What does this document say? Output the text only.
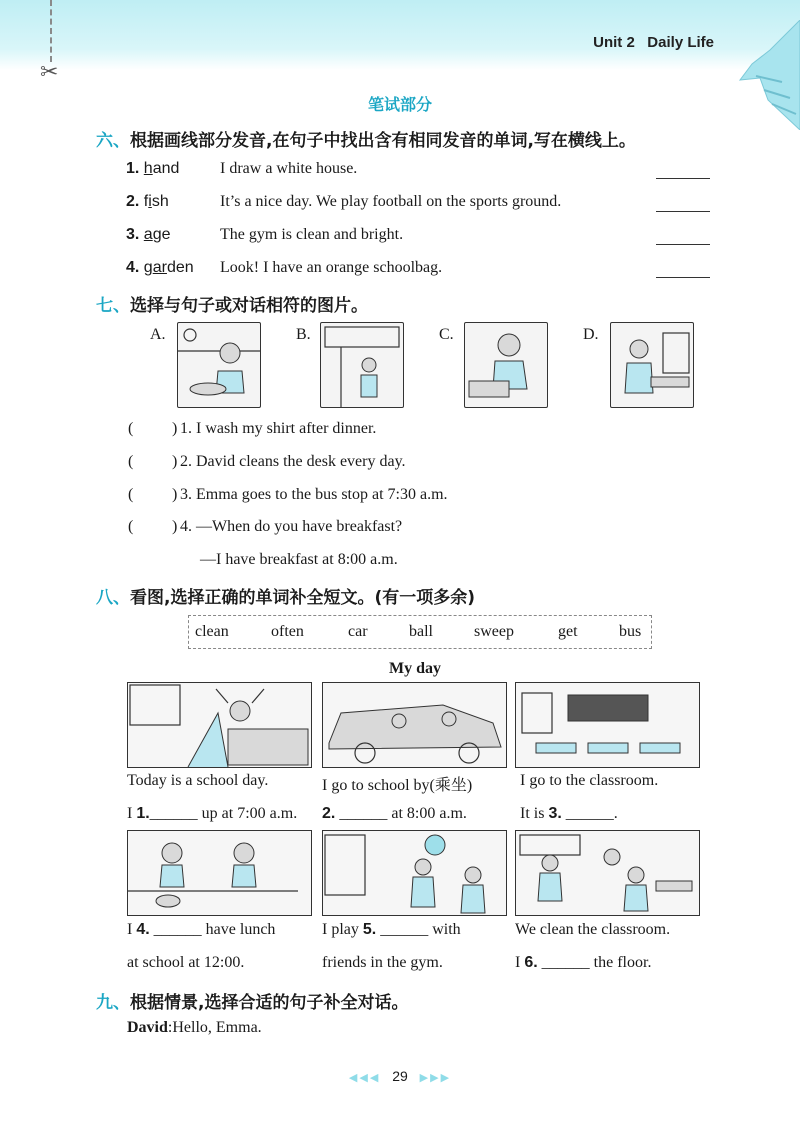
✂
Unit 2   Daily Life
笔试部分
六、根据画线部分发音,在句子中找出含有相同发音的单词,写在横线上。
1. hand	I draw a white house.
2. fish	It’s a nice day. We play football on the sports ground.
3. age	The gym is clean and bright.
4. garden Look! I have an orange schoolbag.
七、选择与句子或对话相符的图片。
A.	B.	C.	D.
( ) 1. I wash my shirt after dinner.
( ) 2. David cleans the desk every day.
( ) 3. Emma goes to the bus stop at 7:30 a.m.
( ) 4. —When do you have breakfast?
—I have breakfast at 8:00 a.m.
八、看图,选择正确的单词补全短文。(有一项多余)
clean	often	car	ball	sweep	get	bus
My day
Today is a school day.
I 1.______ up at 7:00 a.m.
I go to school by(乘坐)
2. ______ at 8:00 a.m.
I go to the classroom.
It is 3. ______.
I 4. ______ have lunch
at school at 12:00.
I play 5. ______ with
friends in the gym.
We clean the classroom.
I 6. ______ the floor.
九、根据情景,选择合适的句子补全对话。
David:Hello, Emma.
◀◀◀ 29 ▶▶▶
